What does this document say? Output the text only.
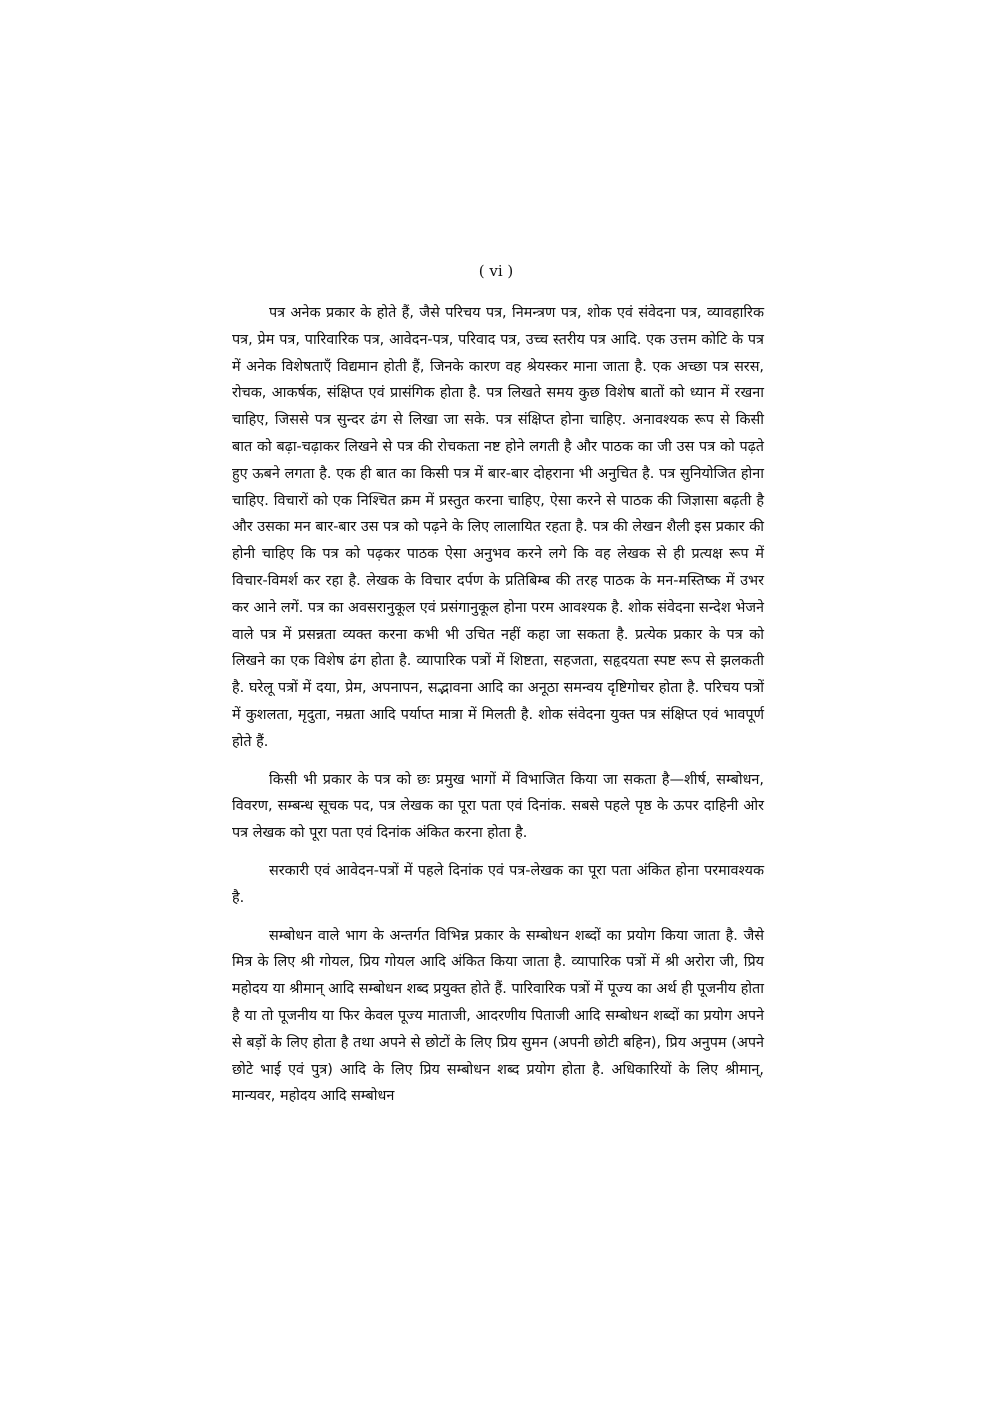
( vi )

पत्र अनेक प्रकार के होते हैं, जैसे परिचय पत्र, निमन्त्रण पत्र, शोक एवं संवेदना पत्र, व्यावहारिक पत्र, प्रेम पत्र, पारिवारिक पत्र, आवेदन-पत्र, परिवाद पत्र, उच्च स्तरीय पत्र आदि. एक उत्तम कोटि के पत्र में अनेक विशेषताएँ विद्यमान होती हैं, जिनके कारण वह श्रेयस्कर माना जाता है. एक अच्छा पत्र सरस, रोचक, आकर्षक, संक्षिप्त एवं प्रासंगिक होता है. पत्र लिखते समय कुछ विशेष बातों को ध्यान में रखना चाहिए, जिससे पत्र सुन्दर ढंग से लिखा जा सके. पत्र संक्षिप्त होना चाहिए. अनावश्यक रूप से किसी बात को बढ़ा-चढ़ाकर लिखने से पत्र की रोचकता नष्ट होने लगती है और पाठक का जी उस पत्र को पढ़ते हुए ऊबने लगता है. एक ही बात का किसी पत्र में बार-बार दोहराना भी अनुचित है. पत्र सुनियोजित होना चाहिए. विचारों को एक निश्चित क्रम में प्रस्तुत करना चाहिए, ऐसा करने से पाठक की जिज्ञासा बढ़ती है और उसका मन बार-बार उस पत्र को पढ़ने के लिए लालायित रहता है. पत्र की लेखन शैली इस प्रकार की होनी चाहिए कि पत्र को पढ़कर पाठक ऐसा अनुभव करने लगे कि वह लेखक से ही प्रत्यक्ष रूप में विचार-विमर्श कर रहा है. लेखक के विचार दर्पण के प्रतिबिम्ब की तरह पाठक के मन-मस्तिष्क में उभर कर आने लगें. पत्र का अवसरानुकूल एवं प्रसंगानुकूल होना परम आवश्यक है. शोक संवेदना सन्देश भेजने वाले पत्र में प्रसन्नता व्यक्त करना कभी भी उचित नहीं कहा जा सकता है. प्रत्येक प्रकार के पत्र को लिखने का एक विशेष ढंग होता है. व्यापारिक पत्रों में शिष्टता, सहजता, सहृदयता स्पष्ट रूप से झलकती है. घरेलू पत्रों में दया, प्रेम, अपनापन, सद्भावना आदि का अनूठा समन्वय दृष्टिगोचर होता है. परिचय पत्रों में कुशलता, मृदुता, नम्रता आदि पर्याप्त मात्रा में मिलती है. शोक संवेदना युक्त पत्र संक्षिप्त एवं भावपूर्ण होते हैं.

किसी भी प्रकार के पत्र को छः प्रमुख भागों में विभाजित किया जा सकता है—शीर्ष, सम्बोधन, विवरण, सम्बन्ध सूचक पद, पत्र लेखक का पूरा पता एवं दिनांक. सबसे पहले पृष्ठ के ऊपर दाहिनी ओर पत्र लेखक को पूरा पता एवं दिनांक अंकित करना होता है.

सरकारी एवं आवेदन-पत्रों में पहले दिनांक एवं पत्र-लेखक का पूरा पता अंकित होना परमावश्यक है.

सम्बोधन वाले भाग के अन्तर्गत विभिन्न प्रकार के सम्बोधन शब्दों का प्रयोग किया जाता है. जैसे मित्र के लिए श्री गोयल, प्रिय गोयल आदि अंकित किया जाता है. व्यापारिक पत्रों में श्री अरोरा जी, प्रिय महोदय या श्रीमान् आदि सम्बोधन शब्द प्रयुक्त होते हैं. पारिवारिक पत्रों में पूज्य का अर्थ ही पूजनीय होता है या तो पूजनीय या फिर केवल पूज्य माताजी, आदरणीय पिताजी आदि सम्बोधन शब्दों का प्रयोग अपने से बड़ों के लिए होता है तथा अपने से छोटों के लिए प्रिय सुमन (अपनी छोटी बहिन), प्रिय अनुपम (अपने छोटे भाई एवं पुत्र) आदि के लिए प्रिय सम्बोधन शब्द प्रयोग होता है. अधिकारियों के लिए श्रीमान्, मान्यवर, महोदय आदि सम्बोधन
